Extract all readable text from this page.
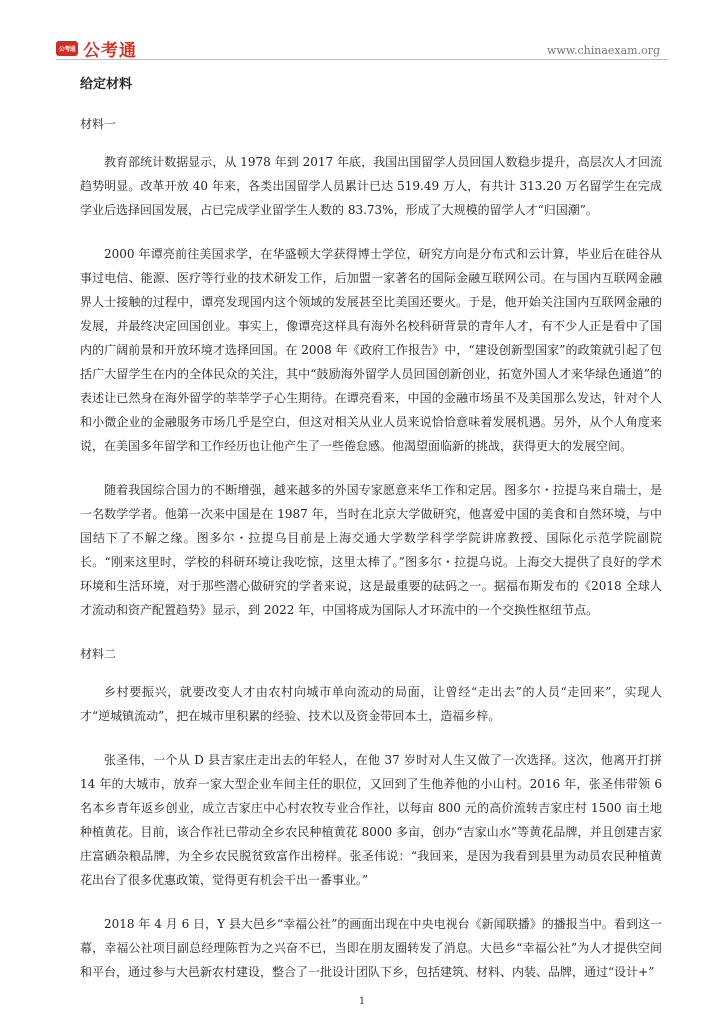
公考通 公考通	www.chinaexam.org
给定材料
材料一

教育部统计数据显示，从 1978 年到 2017 年底，我国出国留学人员回国人数稳步提升，高层次人才回流趋势明显。改革开放 40 年来，各类出国留学人员累计已达 519.49 万人，有共计 313.20 万名留学生在完成学业后选择回国发展，占已完成学业留学生人数的 83.73%，形成了大规模的留学人才“归国潮”。

2000 年谭亮前往美国求学，在华盛顿大学获得博士学位，研究方向是分布式和云计算，毕业后在硅谷从事过电信、能源、医疗等行业的技术研发工作，后加盟一家著名的国际金融互联网公司。在与国内互联网金融界人士接触的过程中，谭亮发现国内这个领域的发展甚至比美国还要火。于是，他开始关注国内互联网金融的发展，并最终决定回国创业。事实上，像谭亮这样具有海外名校科研背景的青年人才，有不少人正是看中了国内的广阔前景和开放环境才选择回国。在 2008 年《政府工作报告》中，“建设创新型国家”的政策就引起了包括广大留学生在内的全体民众的关注，其中“鼓励海外留学人员回国创新创业，拓宽外国人才来华绿色通道”的表述让已然身在海外留学的莘莘学子心生期待。在谭亮看来，中国的金融市场虽不及美国那么发达，针对个人和小微企业的金融服务市场几乎是空白，但这对相关从业人员来说恰恰意味着发展机遇。另外，从个人角度来说，在美国多年留学和工作经历也让他产生了一些倦怠感。他渴望面临新的挑战，获得更大的发展空间。

随着我国综合国力的不断增强，越来越多的外国专家愿意来华工作和定居。图多尔・拉提乌来自瑞士，是一名数学学者。他第一次来中国是在 1987 年，当时在北京大学做研究，他喜爱中国的美食和自然环境，与中国结下了不解之缘。图多尔・拉提乌目前是上海交通大学数学科学学院讲席教授、国际化示范学院副院长。“刚来这里时，学校的科研环境让我吃惊，这里太棒了。”图多尔・拉提乌说。上海交大提供了良好的学术环境和生活环境，对于那些潜心做研究的学者来说，这是最重要的砝码之一。据福布斯发布的《2018 全球人才流动和资产配置趋势》显示，到 2022 年，中国将成为国际人才环流中的一个交换性枢纽节点。

材料二

乡村要振兴，就要改变人才由农村向城市单向流动的局面，让曾经“走出去”的人员“走回来”，实现人才“逆城镇流动”，把在城市里积累的经验、技术以及资金带回本土，造福乡梓。

张圣伟，一个从 D 县吉家庄走出去的年轻人，在他 37 岁时对人生又做了一次选择。这次，他离开打拼 14 年的大城市，放弃一家大型企业车间主任的职位，又回到了生他养他的小山村。2016 年，张圣伟带领 6 名本乡青年返乡创业，成立吉家庄中心村农牧专业合作社，以每亩 800 元的高价流转吉家庄村 1500 亩土地种植黄花。目前，该合作社已带动全乡农民种植黄花 8000 多亩，创办“吉家山水”等黄花品牌，并且创建吉家庄富硒杂粮品牌，为全乡农民脱贫致富作出榜样。张圣伟说：“我回来，是因为我看到县里为动员农民种植黄花出台了很多优惠政策，觉得更有机会干出一番事业。”

2018 年 4 月 6 日，Y 县大邑乡“幸福公社”的画面出现在中央电视台《新闻联播》的播报当中。看到这一幕，幸福公社项目副总经理陈哲为之兴奋不已，当即在朋友圈转发了消息。大邑乡“幸福公社”为人才提供空间和平台，通过参与大邑新农村建设，整合了一批设计团队下乡，包括建筑、材料、内装、品牌，通过“设计+”

1
